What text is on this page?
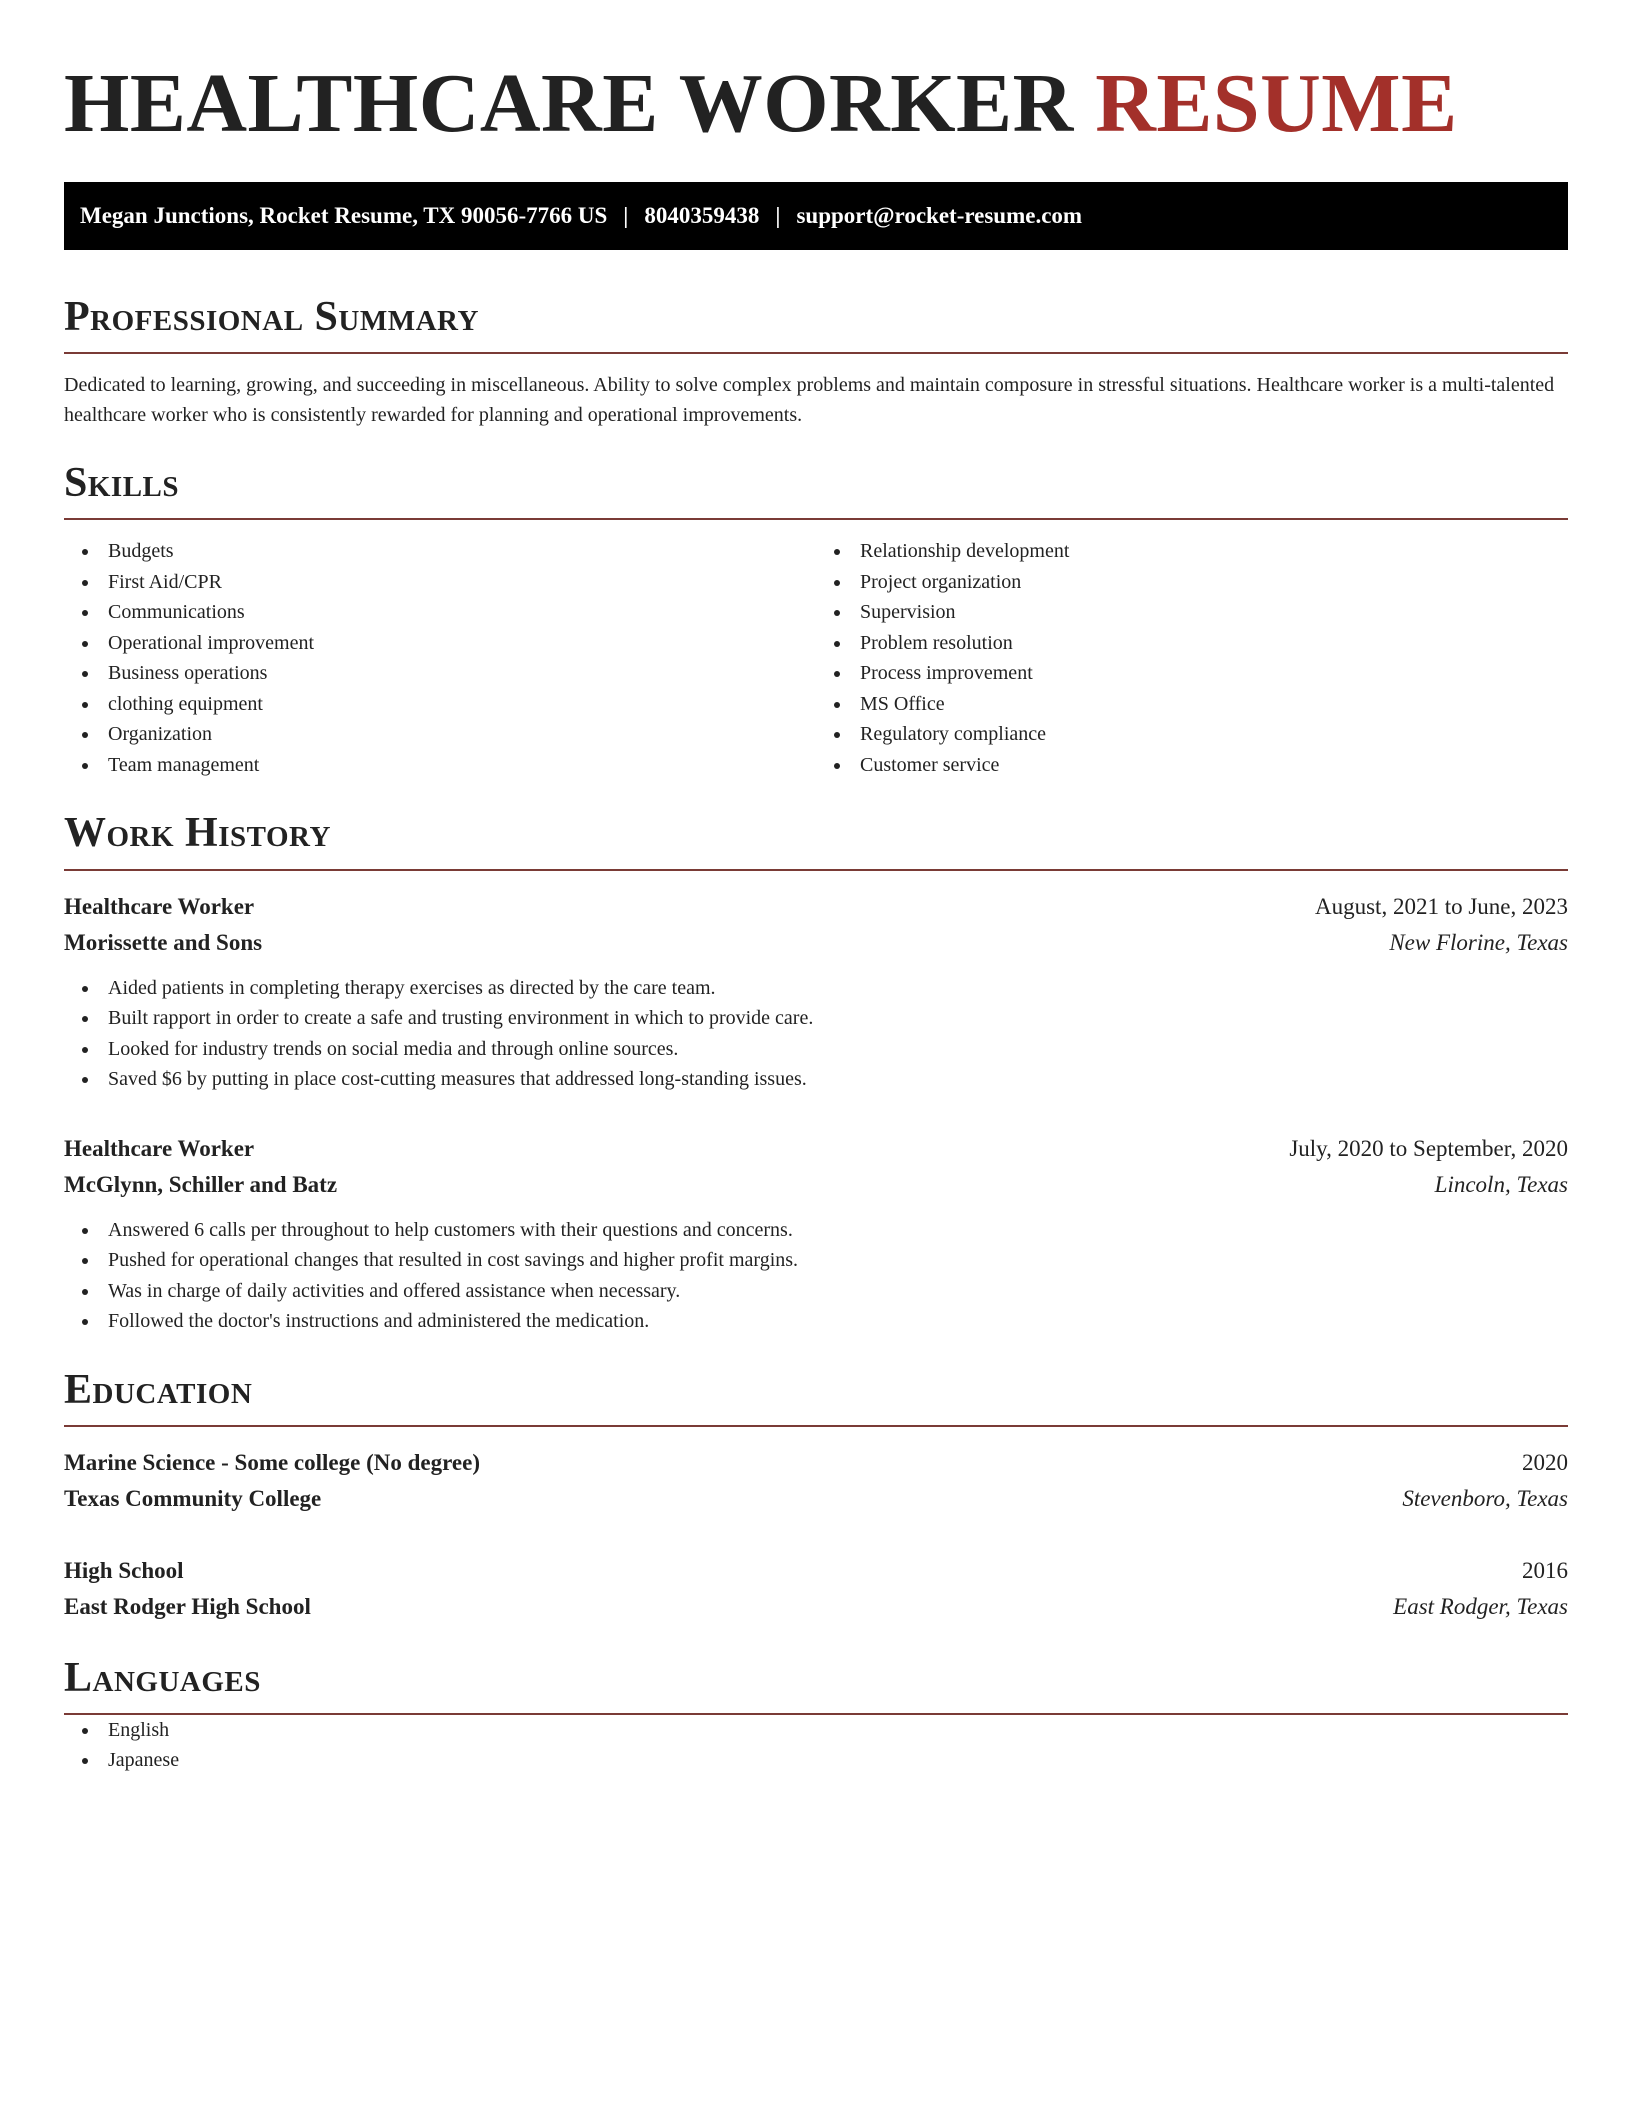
HEALTHCARE WORKER RESUME
Megan Junctions, Rocket Resume, TX 90056-7766 US | 8040359438 | support@rocket-resume.com
Professional Summary

Dedicated to learning, growing, and succeeding in miscellaneous. Ability to solve complex problems and maintain composure in stressful situations. Healthcare worker is a multi-talented healthcare worker who is consistently rewarded for planning and operational improvements.

Skills
Budgets
First Aid/CPR
Communications
Operational improvement
Business operations
clothing equipment
Organization
Team management
Relationship development
Project organization
Supervision
Problem resolution
Process improvement
MS Office
Regulatory compliance
Customer service
Work History
Healthcare Worker	August, 2021 to June, 2023
Morissette and Sons	New Florine, Texas
Aided patients in completing therapy exercises as directed by the care team.
Built rapport in order to create a safe and trusting environment in which to provide care.
Looked for industry trends on social media and through online sources.
Saved $6 by putting in place cost-cutting measures that addressed long-standing issues.
Healthcare Worker	July, 2020 to September, 2020
McGlynn, Schiller and Batz	Lincoln, Texas
Answered 6 calls per throughout to help customers with their questions and concerns.
Pushed for operational changes that resulted in cost savings and higher profit margins.
Was in charge of daily activities and offered assistance when necessary.
Followed the doctor's instructions and administered the medication.
Education
Marine Science - Some college (No degree)	2020
Texas Community College	Stevenboro, Texas
High School	2016
East Rodger High School	East Rodger, Texas
Languages
English
Japanese
